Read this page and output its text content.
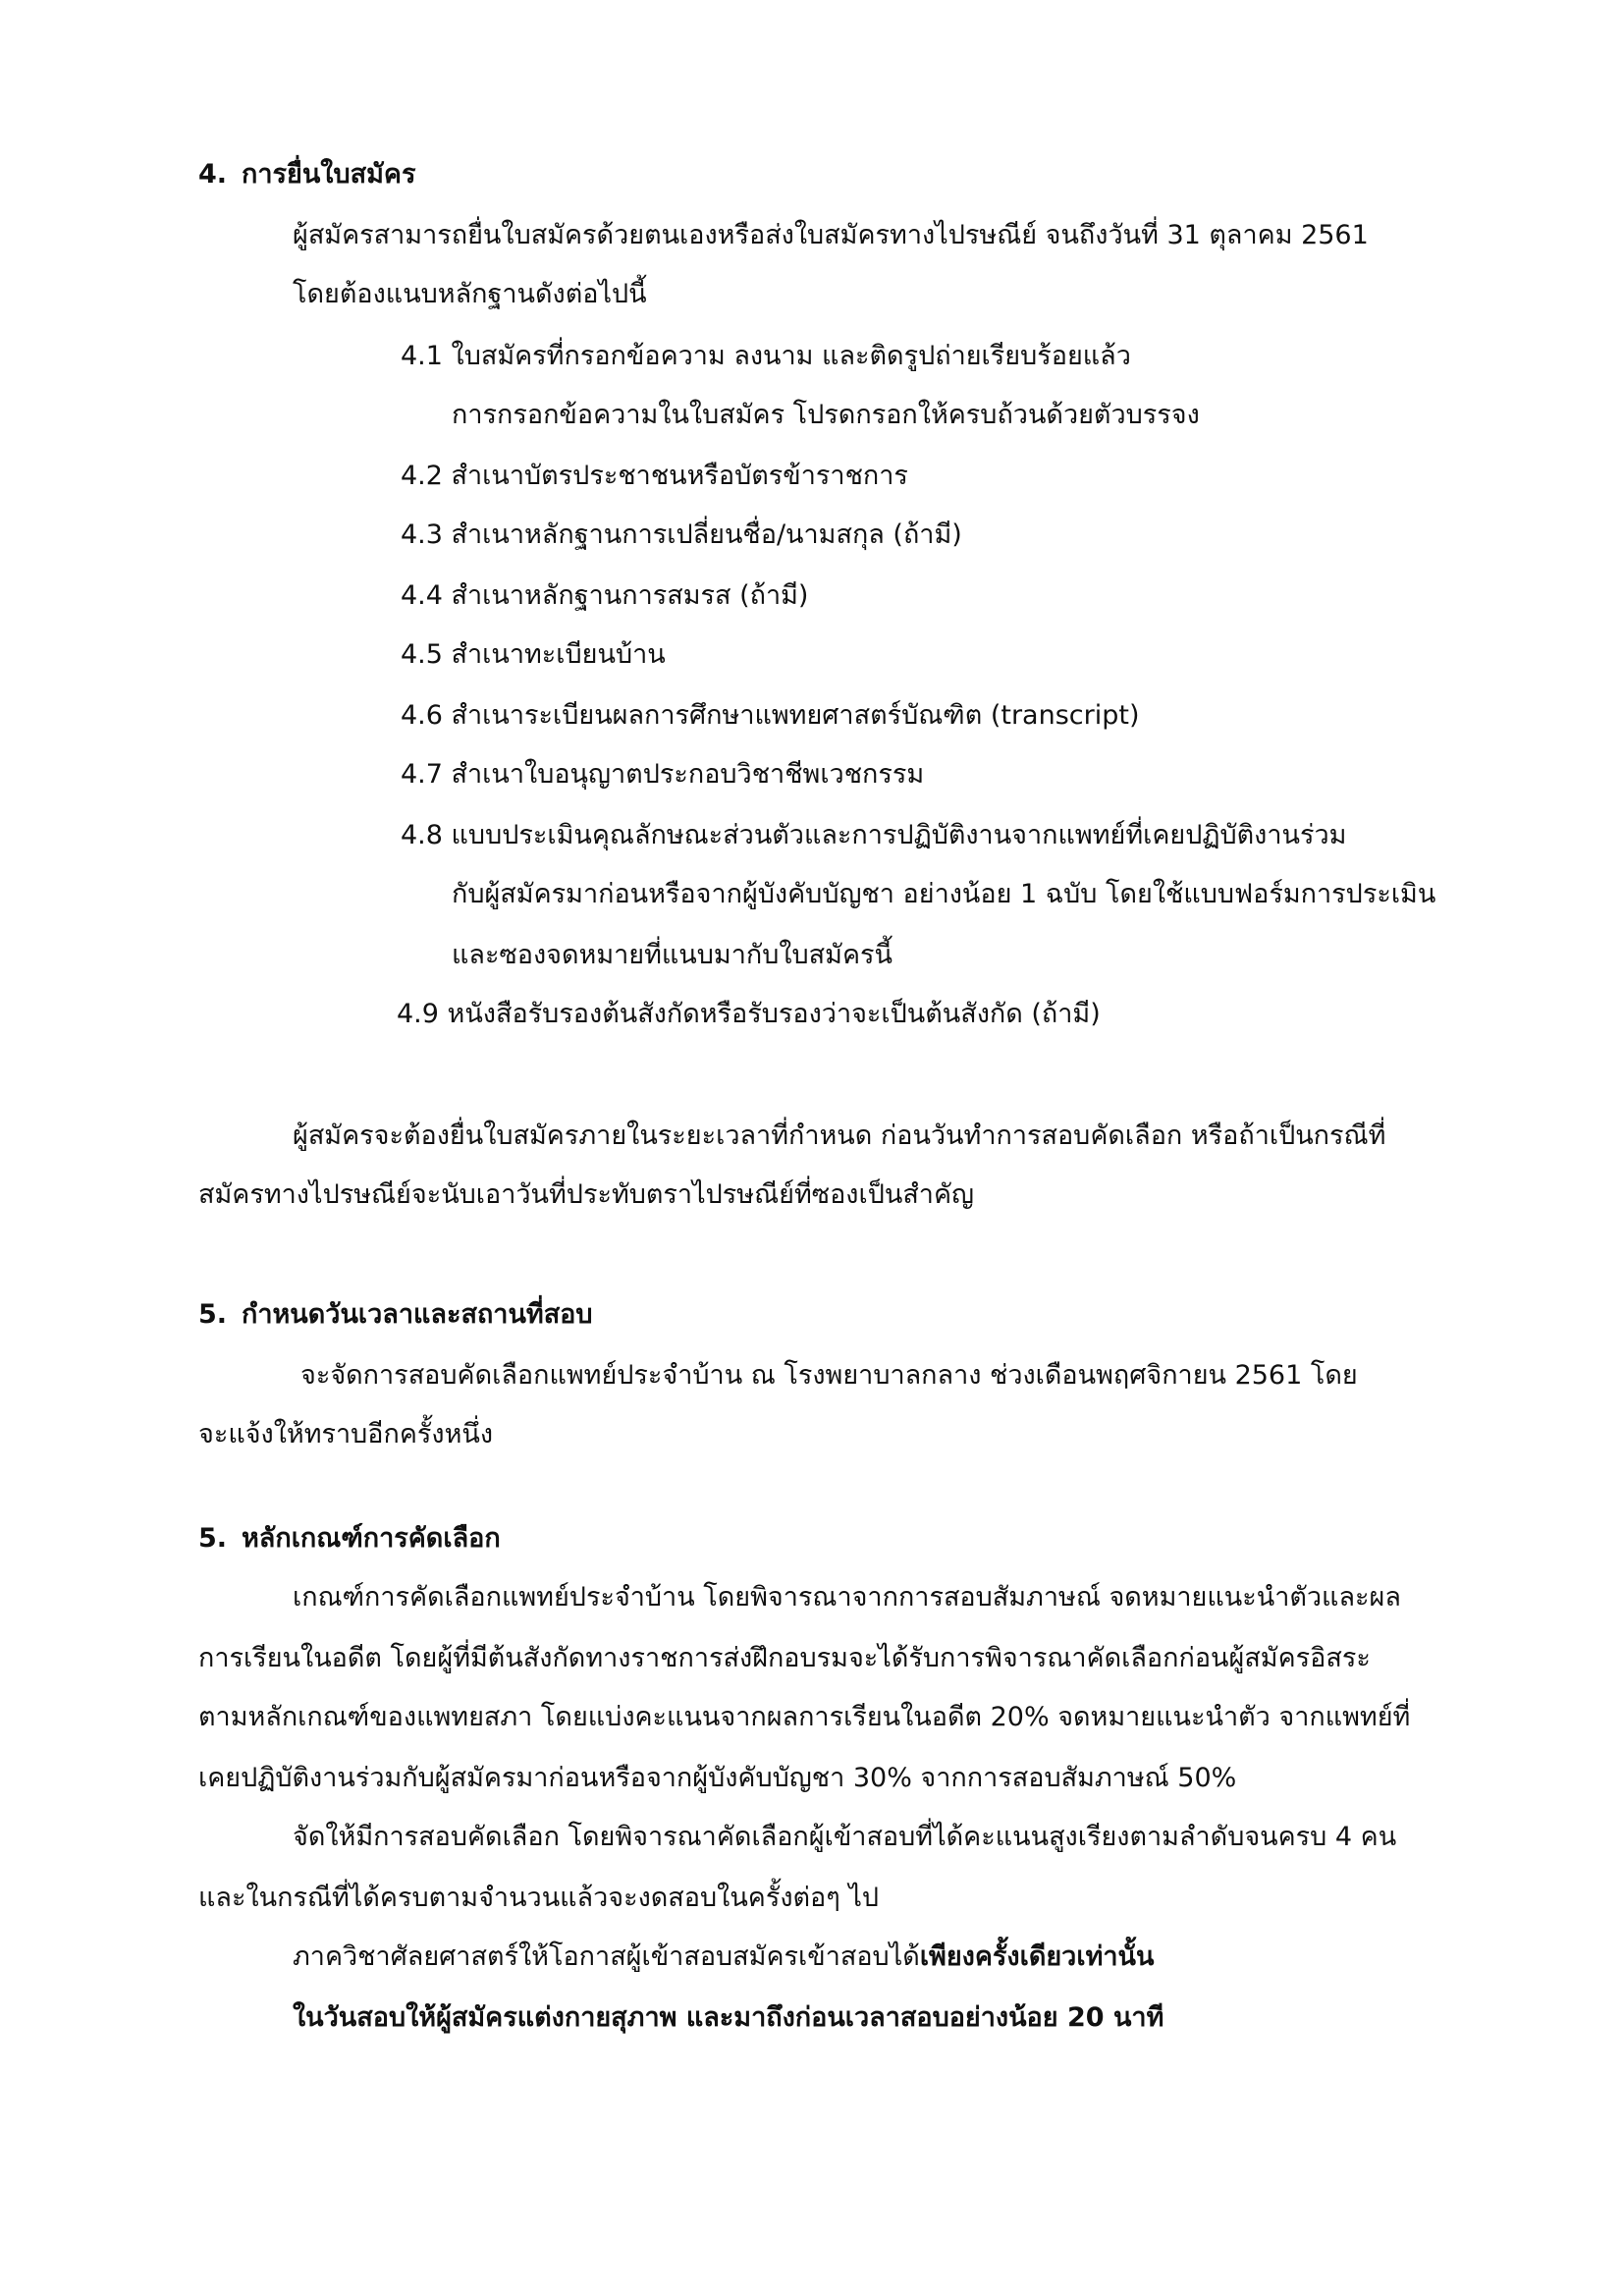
4. การยื่นใบสมัคร
ผู้สมัครสามารถยื่นใบสมัครด้วยตนเองหรือส่งใบสมัครทางไปรษณีย์ จนถึงวันที่ 31 ตุลาคม 2561
โดยต้องแนบหลักฐานดังต่อไปนี้
4.1 ใบสมัครที่กรอกข้อความ ลงนาม และติดรูปถ่ายเรียบร้อยแล้ว
การกรอกข้อความในใบสมัคร โปรดกรอกให้ครบถ้วนด้วยตัวบรรจง
4.2 สำเนาบัตรประชาชนหรือบัตรข้าราชการ
4.3 สำเนาหลักฐานการเปลี่ยนชื่อ/นามสกุล (ถ้ามี)
4.4 สำเนาหลักฐานการสมรส (ถ้ามี)
4.5 สำเนาทะเบียนบ้าน
4.6 สำเนาระเบียนผลการศึกษาแพทยศาสตร์บัณฑิต (transcript)
4.7 สำเนาใบอนุญาตประกอบวิชาชีพเวชกรรม
4.8 แบบประเมินคุณลักษณะส่วนตัวและการปฏิบัติงานจากแพทย์ที่เคยปฏิบัติงานร่วม
กับผู้สมัครมาก่อนหรือจากผู้บังคับบัญชา อย่างน้อย 1 ฉบับ โดยใช้แบบฟอร์มการประเมิน
และซองจดหมายที่แนบมากับใบสมัครนี้
4.9 หนังสือรับรองต้นสังกัดหรือรับรองว่าจะเป็นต้นสังกัด (ถ้ามี)
ผู้สมัครจะต้องยื่นใบสมัครภายในระยะเวลาที่กำหนด ก่อนวันทำการสอบคัดเลือก หรือถ้าเป็นกรณีที่
สมัครทางไปรษณีย์จะนับเอาวันที่ประทับตราไปรษณีย์ที่ซองเป็นสำคัญ
5. กำหนดวันเวลาและสถานที่สอบ
จะจัดการสอบคัดเลือกแพทย์ประจำบ้าน ณ โรงพยาบาลกลาง ช่วงเดือนพฤศจิกายน 2561 โดย
จะแจ้งให้ทราบอีกครั้งหนึ่ง
5. หลักเกณฑ์การคัดเลือก
เกณฑ์การคัดเลือกแพทย์ประจำบ้าน โดยพิจารณาจากการสอบสัมภาษณ์ จดหมายแนะนำตัวและผล
การเรียนในอดีต โดยผู้ที่มีต้นสังกัดทางราชการส่งฝึกอบรมจะได้รับการพิจารณาคัดเลือกก่อนผู้สมัครอิสระ
ตามหลักเกณฑ์ของแพทยสภา โดยแบ่งคะแนนจากผลการเรียนในอดีต 20% จดหมายแนะนำตัว จากแพทย์ที่
เคยปฏิบัติงานร่วมกับผู้สมัครมาก่อนหรือจากผู้บังคับบัญชา 30% จากการสอบสัมภาษณ์ 50%
จัดให้มีการสอบคัดเลือก โดยพิจารณาคัดเลือกผู้เข้าสอบที่ได้คะแนนสูงเรียงตามลำดับจนครบ 4 คน
และในกรณีที่ได้ครบตามจำนวนแล้วจะงดสอบในครั้งต่อๆ ไป
ภาควิชาศัลยศาสตร์ให้โอกาสผู้เข้าสอบสมัครเข้าสอบได้เพียงครั้งเดียวเท่านั้น
ในวันสอบให้ผู้สมัครแต่งกายสุภาพ และมาถึงก่อนเวลาสอบอย่างน้อย 20 นาที
